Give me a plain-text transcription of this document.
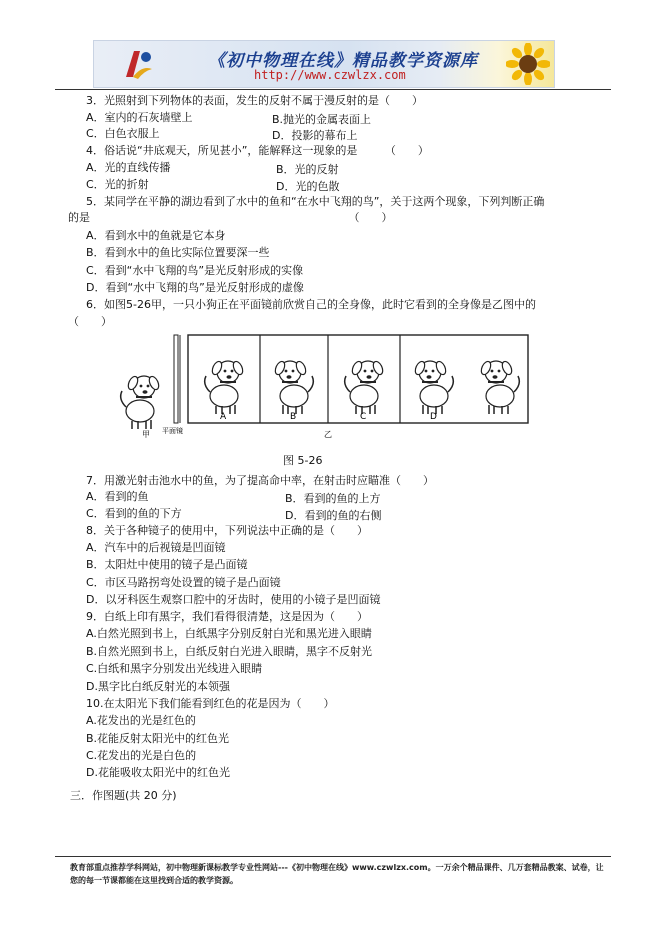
《初中物理在线》精品教学资源库
http://www.czwlzx.com
3．光照射到下列物体的表面，发生的反射不属于漫反射的是（　　）
A．室内的石灰墙壁上	B.抛光的金属表面上
C．白色衣服上	D．投影的幕布上
4．俗话说“井底观天，所见甚小”，能解释这一现象的是　　　（　　）
A．光的直线传播	B．光的反射
C．光的折射	D．光的色散
5．某同学在平静的湖边看到了水中的鱼和“在水中飞翔的鸟”，关于这两个现象，下列判断正确
的是　　　　　　　　　　　　　　　　　　　　　　　　（　　）
A．看到水中的鱼就是它本身
B．看到水中的鱼比实际位置要深一些
C．看到“水中飞翔的鸟”是光反射形成的实像
D．看到“水中飞翔的鸟”是光反射形成的虚像
6．如图5-26甲，一只小狗正在平面镜前欣赏自己的全身像，此时它看到的全身像是乙图中的
（　　）
A	B	C	D
甲 平面镜	乙
图 5-26
7．用激光射击池水中的鱼，为了提高命中率，在射击时应瞄准（　　）
A．看到的鱼	B．看到的鱼的上方
C．看到的鱼的下方	D．看到的鱼的右侧
8．关于各种镜子的使用中，下列说法中正确的是（　　）
A．汽车中的后视镜是凹面镜
B．太阳灶中使用的镜子是凸面镜
C．市区马路拐弯处设置的镜子是凸面镜
D．以牙科医生观察口腔中的牙齿时，使用的小镜子是凹面镜
9．白纸上印有黑字，我们看得很清楚，这是因为（　　）
A.白然光照到书上，白纸黑字分别反射白光和黑光进入眼睛
B.自然光照到书上，白纸反射白光进入眼睛，黑字不反射光
C.白纸和黑字分别发出光线进入眼睛
D.黑字比白纸反射光的本领强
10.在太阳光下我们能看到红色的花是因为（　　）
A.花发出的光是红色的
B.花能反射太阳光中的红色光
C.花发出的光是白色的
D.花能吸收太阳光中的红色光
三．作图题(共 20 分)
教育部重点推荐学科网站，初中物理新课标教学专业性网站---《初中物理在线》www.czwlzx.com。一万余个精品课件、几万套精品教案、试卷，让您的每一节课都能在这里找到合适的教学资源。
